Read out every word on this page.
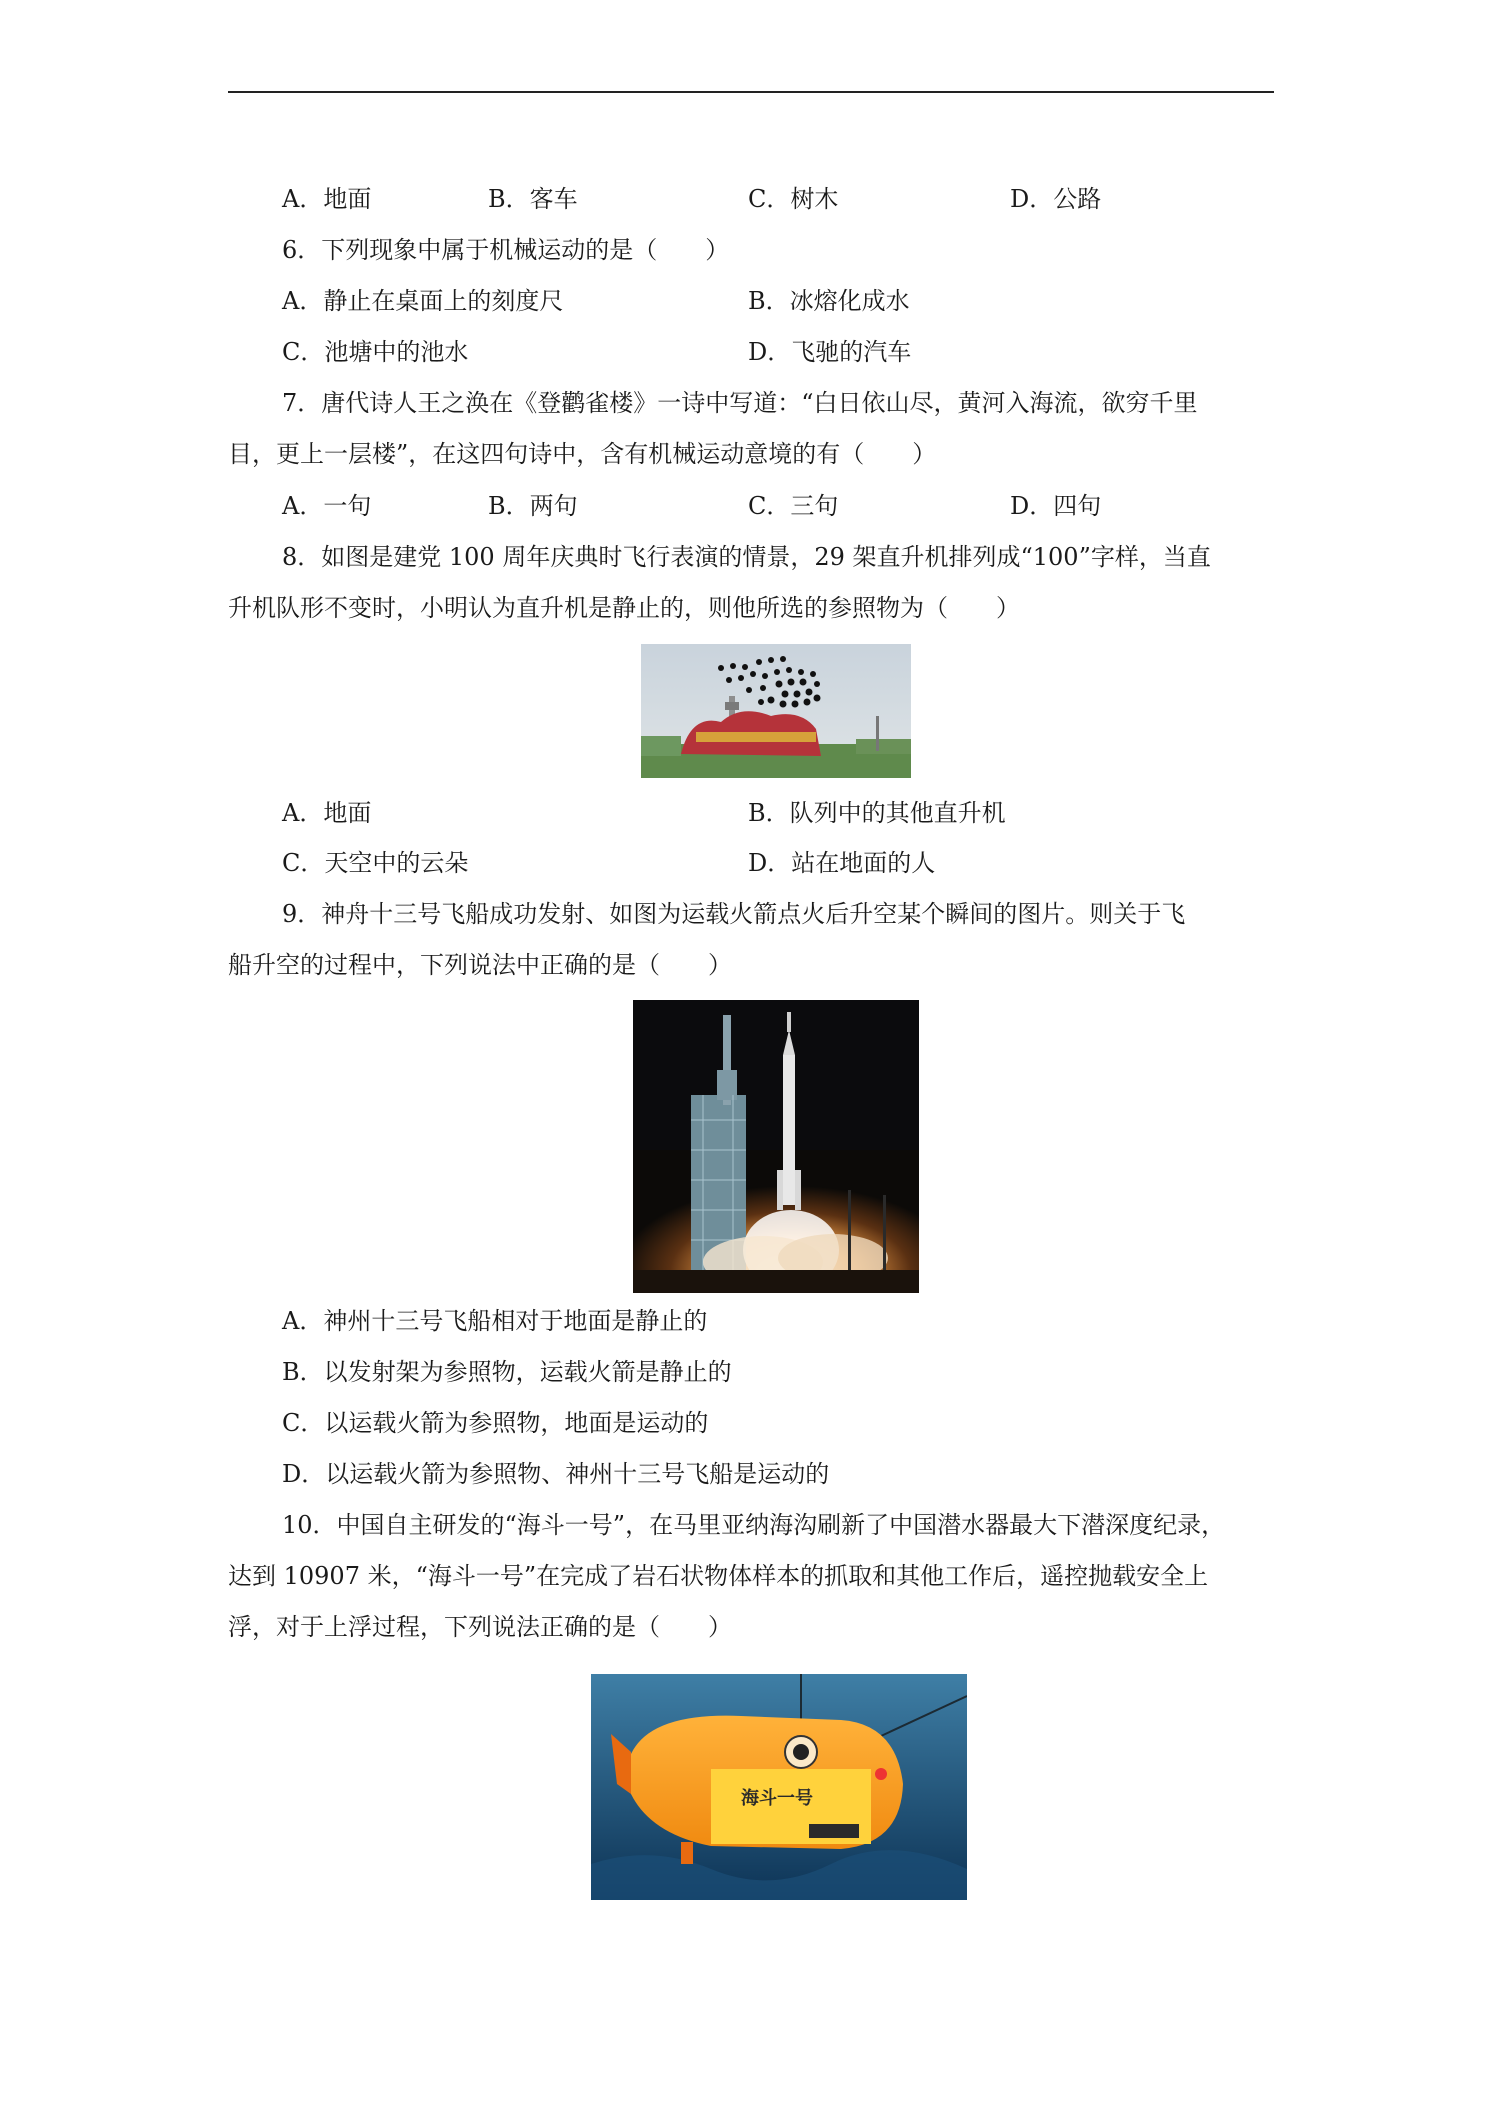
A．地面	B．客车	C．树木	D．公路
6．下列现象中属于机械运动的是（　　）
A．静止在桌面上的刻度尺	B．冰熔化成水
C．池塘中的池水	D．飞驰的汽车
7．唐代诗人王之涣在《登鹳雀楼》一诗中写道：“白日依山尽，黄河入海流，欲穷千里
目，更上一层楼”，在这四句诗中，含有机械运动意境的有（　　）
A．一句	B．两句	C．三句	D．四句
8．如图是建党 100 周年庆典时飞行表演的情景，29 架直升机排列成“100”字样，当直
升机队形不变时，小明认为直升机是静止的，则他所选的参照物为（　　）
A．地面	B．队列中的其他直升机
C．天空中的云朵	D．站在地面的人
9．神舟十三号飞船成功发射、如图为运载火箭点火后升空某个瞬间的图片。则关于飞
船升空的过程中，下列说法中正确的是（　　）
A．神州十三号飞船相对于地面是静止的
B．以发射架为参照物，运载火箭是静止的
C．以运载火箭为参照物，地面是运动的
D．以运载火箭为参照物、神州十三号飞船是运动的
10．中国自主研发的“海斗一号”，在马里亚纳海沟刷新了中国潜水器最大下潜深度纪录，
达到 10907 米，“海斗一号”在完成了岩石状物体样本的抓取和其他工作后，遥控抛载安全上
浮，对于上浮过程，下列说法正确的是（　　）
海斗一号
